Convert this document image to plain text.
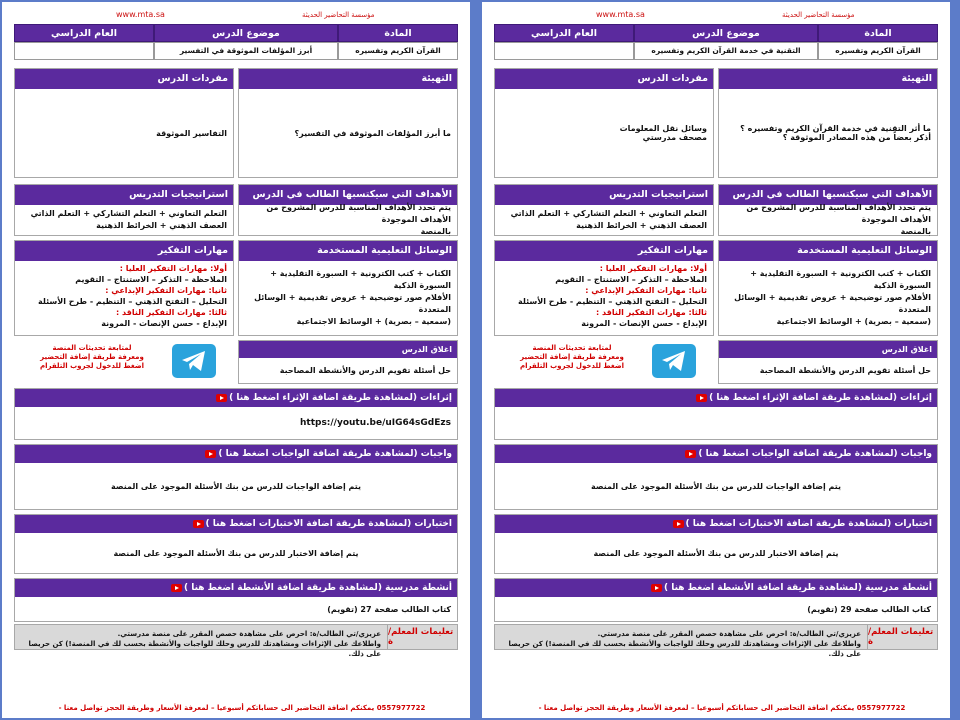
www.mta.sa	مؤسسة التحاضير الحديثة
العام الدراسي	موضوع الدرس	المادة
أبرز المؤلفات الموثوقة في التفسير	القرآن الكريم وتفسيره
مفردات الدرس
التفاسير الموثوقة
التهيئة
ما أبرز المؤلفات الموثوقة في التفسير؟
استراتيجيات التدريس
التعلم التعاوني + التعلم التشاركي + التعلم الذاتي
العصف الذهني + الخرائط الذهنية
الأهداف التي سيكتسبها الطالب في الدرس
يتم تحدد الأهداف المناسبة للدرس المشروح من الأهداف الموجودة
بالمنصة
مهارات التفكير
أولا: مهارات التفكير العليا :
الملاحظة – التذكر – الاستنتاج – التقويم
ثانيا: مهارات التفكير الإبداعي :
التحليل – التفتح الذهني – التنظيم - طرح الأسئلة
ثالثا: مهارات التفكير الناقد :
الإبداع - حسن الإنصات - المرونة
الوسائل التعليمية المستخدمة
الكتاب + كتب الكترونية + السبورة التقليدية + السبورة الذكية
الأفلام صور توضيحية + عروض تقديمية + الوسائل المتعددة
(سمعية – بصرية) + الوسائط الاجتماعية
لمتابعة تحديثات المنصة
ومعرفة طريقة إضافة التحضير
اضغط للدخول لجروب التلقرام
اغلاق الدرس
حل أسئلة تقويم الدرس والأنشطة المصاحبة
إثراءات (لمشاهدة طريقة اضافة الإثراء اضغط هنا )
https://youtu.be/uIG64sGdEzs
واجبات (لمشاهدة طريقة اضافة الواجبات اضغط هنا )
يتم إضافة الواجبات للدرس من بنك الأسئلة الموجود على المنصة
اختبارات (لمشاهدة طريقة اضافة الاختبارات اضغط هنا )
يتم إضافة الاختبار للدرس من بنك الأسئلة الموجود على المنصة
أنشطة مدرسية (لمشاهدة طريقة اضافة الأنشطة اضغط هنا )
كتاب الطالب صفحة 27 (تقويم)
تعليمات المعلم/ة
عزيزي/تي الطالب/ة: احرص على مشاهدة حصص المقرر على منصة مدرستي.
واطلاعك على الإثراءات ومشاهدتك للدرس وحلك للواجبات والأنشطة بحسب لك في المنصة!) كن حريصا على ذلك.
0557977722 يمكنكم اضافة التحاضير الى حساباتكم أسبوعيا – لمعرفة الأسعار وطريقة الحجز تواصل معنا -
www.mta.sa	مؤسسة التحاضير الحديثة
العام الدراسي	موضوع الدرس	المادة
التقنية في خدمة القرآن الكريم وتفسيره	القرآن الكريم وتفسيره
مفردات الدرس
وسائل نقل المعلومات
مصحف مدرستي
التهيئة
ما أثر التقنية في خدمة القرآن الكريم وتفسيره ؟
أذكر بعضاً من هذه المصادر الموثوقة ؟
استراتيجيات التدريس
التعلم التعاوني + التعلم التشاركي + التعلم الذاتي
العصف الذهني + الخرائط الذهنية
الأهداف التي سيكتسبها الطالب في الدرس
يتم تحدد الأهداف المناسبة للدرس المشروح من الأهداف الموجودة
بالمنصة
مهارات التفكير
أولا: مهارات التفكير العليا :
الملاحظة – التذكر – الاستنتاج – التقويم
ثانيا: مهارات التفكير الإبداعي :
التحليل – التفتح الذهني – التنظيم - طرح الأسئلة
ثالثا: مهارات التفكير الناقد :
الإبداع - حسن الإنصات - المرونة
الوسائل التعليمية المستخدمة
الكتاب + كتب الكترونية + السبورة التقليدية + السبورة الذكية
الأفلام صور توضيحية + عروض تقديمية + الوسائل المتعددة
(سمعية – بصرية) + الوسائط الاجتماعية
لمتابعة تحديثات المنصة
ومعرفة طريقة إضافة التحضير
اضغط للدخول لجروب التلقرام
اغلاق الدرس
حل أسئلة تقويم الدرس والأنشطة المصاحبة
إثراءات (لمشاهدة طريقة اضافة الإثراء اضغط هنا )
واجبات (لمشاهدة طريقة اضافة الواجبات اضغط هنا )
يتم إضافة الواجبات للدرس من بنك الأسئلة الموجود على المنصة
اختبارات (لمشاهدة طريقة اضافة الاختبارات اضغط هنا )
يتم إضافة الاختبار للدرس من بنك الأسئلة الموجود على المنصة
أنشطة مدرسية (لمشاهدة طريقة اضافة الأنشطة اضغط هنا )
كتاب الطالب صفحة 29 (تقويم)
تعليمات المعلم/ة
عزيزي/تي الطالب/ة: احرص على مشاهدة حصص المقرر على منصة مدرستي.
واطلاعك على الإثراءات ومشاهدتك للدرس وحلك للواجبات والأنشطة بحسب لك في المنصة!) كن حريصا على ذلك.
0557977722 يمكنكم اضافة التحاضير الى حساباتكم أسبوعيا – لمعرفة الأسعار وطريقة الحجز تواصل معنا -
